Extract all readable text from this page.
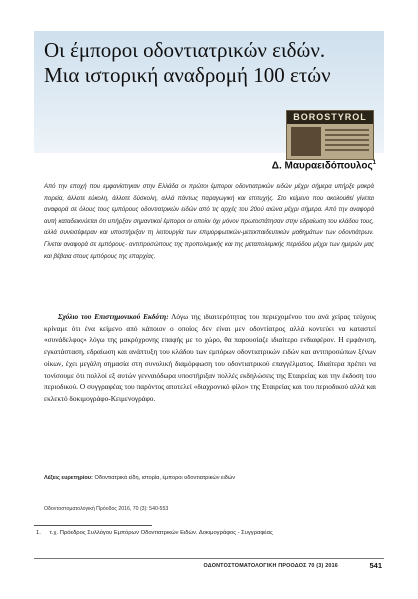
Οι έμποροι οδοντιατρικών ειδών.
Μια ιστορική αναδρομή 100 ετών
BOROSTYROL
Δ. Μαυραειδόπουλος$^1$

Από την εποχή που εμφανίστηκαν στην Ελλάδα οι πρώτοι έμποροι οδοντιατρικών ειδών μέχρι σήμερα υπήρξε μακρά πορεία, άλλοτε εύκολη, άλλοτε δύσκολη, αλλά πάντως παραγωγική και επιτυχής. Στο κείμενο που ακολουθεί γίνεται αναφορά σε όλους τους εμπόρους οδοντιατρικών ειδών από τις αρχές του 20ού αιώνα μέχρι σήμερα. Από την αναφορά αυτή καταδεικνύεται ότι υπήρξαν σημαντικοί έμποροι οι οποίοι όχι μόνον πρωτοστάτησαν στην εδραίωση του κλάδου τους, αλλά συνεισέφεραν και υποστήριξαν τη λειτουργία των επιμορφωτικών-μετεκπαιδευτικών μαθημάτων των οδοντιάτρων. Γίνεται αναφορά σε εμπόρους- αντιπροσώπους της προπολεμικής και της μεταπολεμικής περιόδου μέχρι των ημερών μας και βέβαια στους εμπόρους της επαρχίας.

Σχόλιο του Επιστημονικού Εκδότη: Λόγω της ιδιαιτερότητας του περιεχομένου του ανά χείρας τεύχους κρίναμε ότι ένα κείμενο από κάποιον ο οποίος δεν είναι μεν οδοντίατρος αλλά κοντεύει να καταστεί «συνάδελφος» λόγω της μακρόχρονης επαφής με το χώρο, θα παρουσίαζε ιδιαίτερο ενδιαφέρον. Η εμφάνιση, εγκατάσταση, εδραίωση και ανάπτυξη του κλάδου των εμπόρων οδοντιατρικών ειδών και αντιπροσώπων ξένων οίκων, έχει μεγάλη σημασία στη συνολική διαμόρφωση του οδοντιατρικού επαγγέλματος. Ιδιαίτερα πρέπει να τονίσουμε ότι πολλοί εξ αυτών γενναιόδωρα υποστήριξαν πολλές εκδηλώσεις της Εταιρείας και την έκδοση του περιοδικού. Ο συγγραφέας του παρόντος αποτελεί «διαχρονικό φίλο» της Εταιρείας και του περιοδικού αλλά και εκλεκτό δοκιμογράφο-Κειμενογράφο.

Λέξεις ευρετηρίου: Οδοντιατρικά είδη, ιστορία, έμποροι οδοντιατρικών ειδών
Οδοντοστοματολογική Πρόοδος 2016, 70 (3): 540-553
1. τ.χ. Πρόεδρος Συλλόγου Εμπόρων Οδοντιατρικών Ειδών. Δοκιμογράφος - Συγγραφέας
ΟΔΟΝΤΟΣΤΟΜΑΤΟΛΟΓΙΚΗ ΠΡΟΟΔΟΣ 70 (3) 2016	541
